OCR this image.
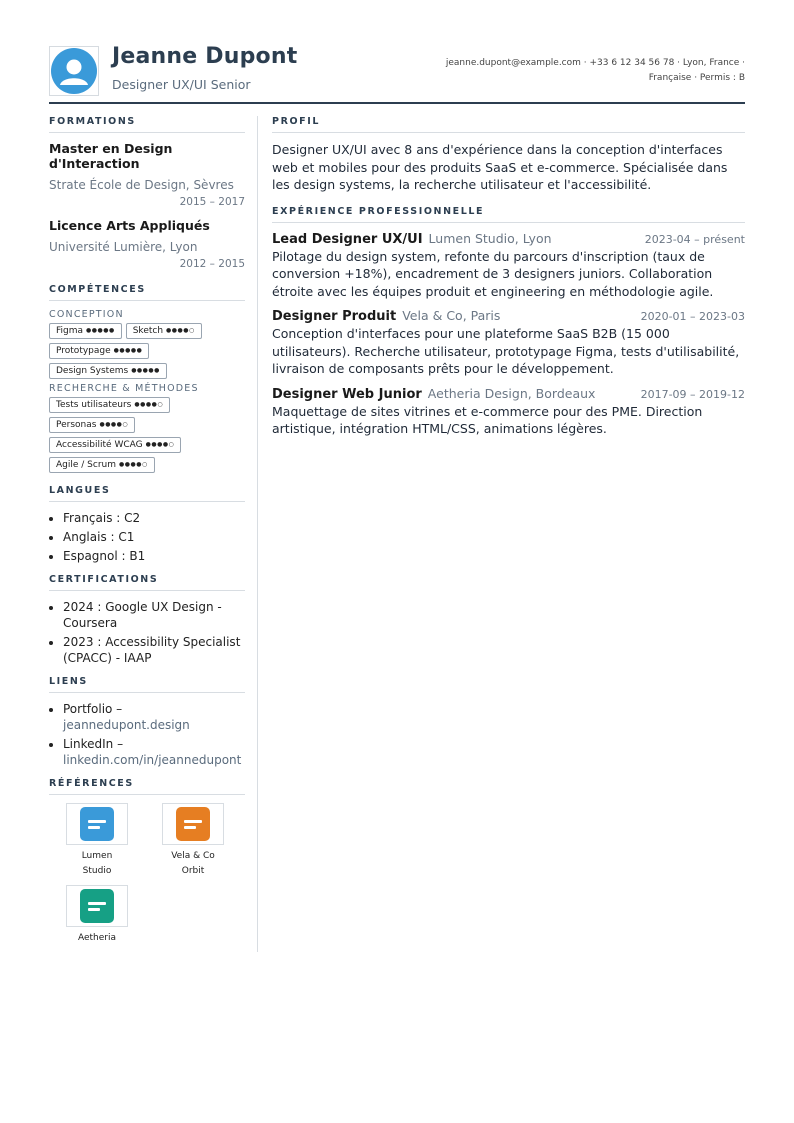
Jeanne Dupont
Designer UX/UI Senior
jeanne.dupont@example.com · +33 6 12 34 56 78 · Lyon, France ·
Française · Permis : B
FORMATIONS
Master en Design d'Interaction
Strate École de Design, Sèvres
2015 – 2017
Licence Arts Appliqués
Université Lumière, Lyon
2012 – 2015
COMPÉTENCES
CONCEPTION
Figma ●●●●●	Sketch ●●●●○
Prototypage ●●●●●
Design Systems ●●●●●
RECHERCHE & MÉTHODES
Tests utilisateurs ●●●●○
Personas ●●●●○
Accessibilité WCAG ●●●●○
Agile / Scrum ●●●●○
LANGUES
• Français : C2
• Anglais : C1
• Espagnol : B1
CERTIFICATIONS
• 2024 : Google UX Design - Coursera
• 2023 : Accessibility Specialist (CPACC) - IAAP
LIENS
• Portfolio – jeannedupont.design
• LinkedIn – linkedin.com/in/jeannedupont
RÉFÉRENCES
Lumen Studio
Vela & Co Orbit
Aetheria
PROFIL
Designer UX/UI avec 8 ans d'expérience dans la conception d'interfaces web et mobiles pour des produits SaaS et e-commerce. Spécialisée dans les design systems, la recherche utilisateur et l'accessibilité.
EXPÉRIENCE PROFESSIONNELLE
Lead Designer UX/UI Lumen Studio, Lyon	2023-04 – présent
Pilotage du design system, refonte du parcours d'inscription (taux de conversion +18%), encadrement de 3 designers juniors. Collaboration étroite avec les équipes produit et engineering en méthodologie agile.
Designer Produit Vela & Co, Paris	2020-01 – 2023-03
Conception d'interfaces pour une plateforme SaaS B2B (15 000 utilisateurs). Recherche utilisateur, prototypage Figma, tests d'utilisabilité, livraison de composants prêts pour le développement.
Designer Web Junior Aetheria Design, Bordeaux	2017-09 – 2019-12
Maquettage de sites vitrines et e-commerce pour des PME. Direction artistique, intégration HTML/CSS, animations légères.
